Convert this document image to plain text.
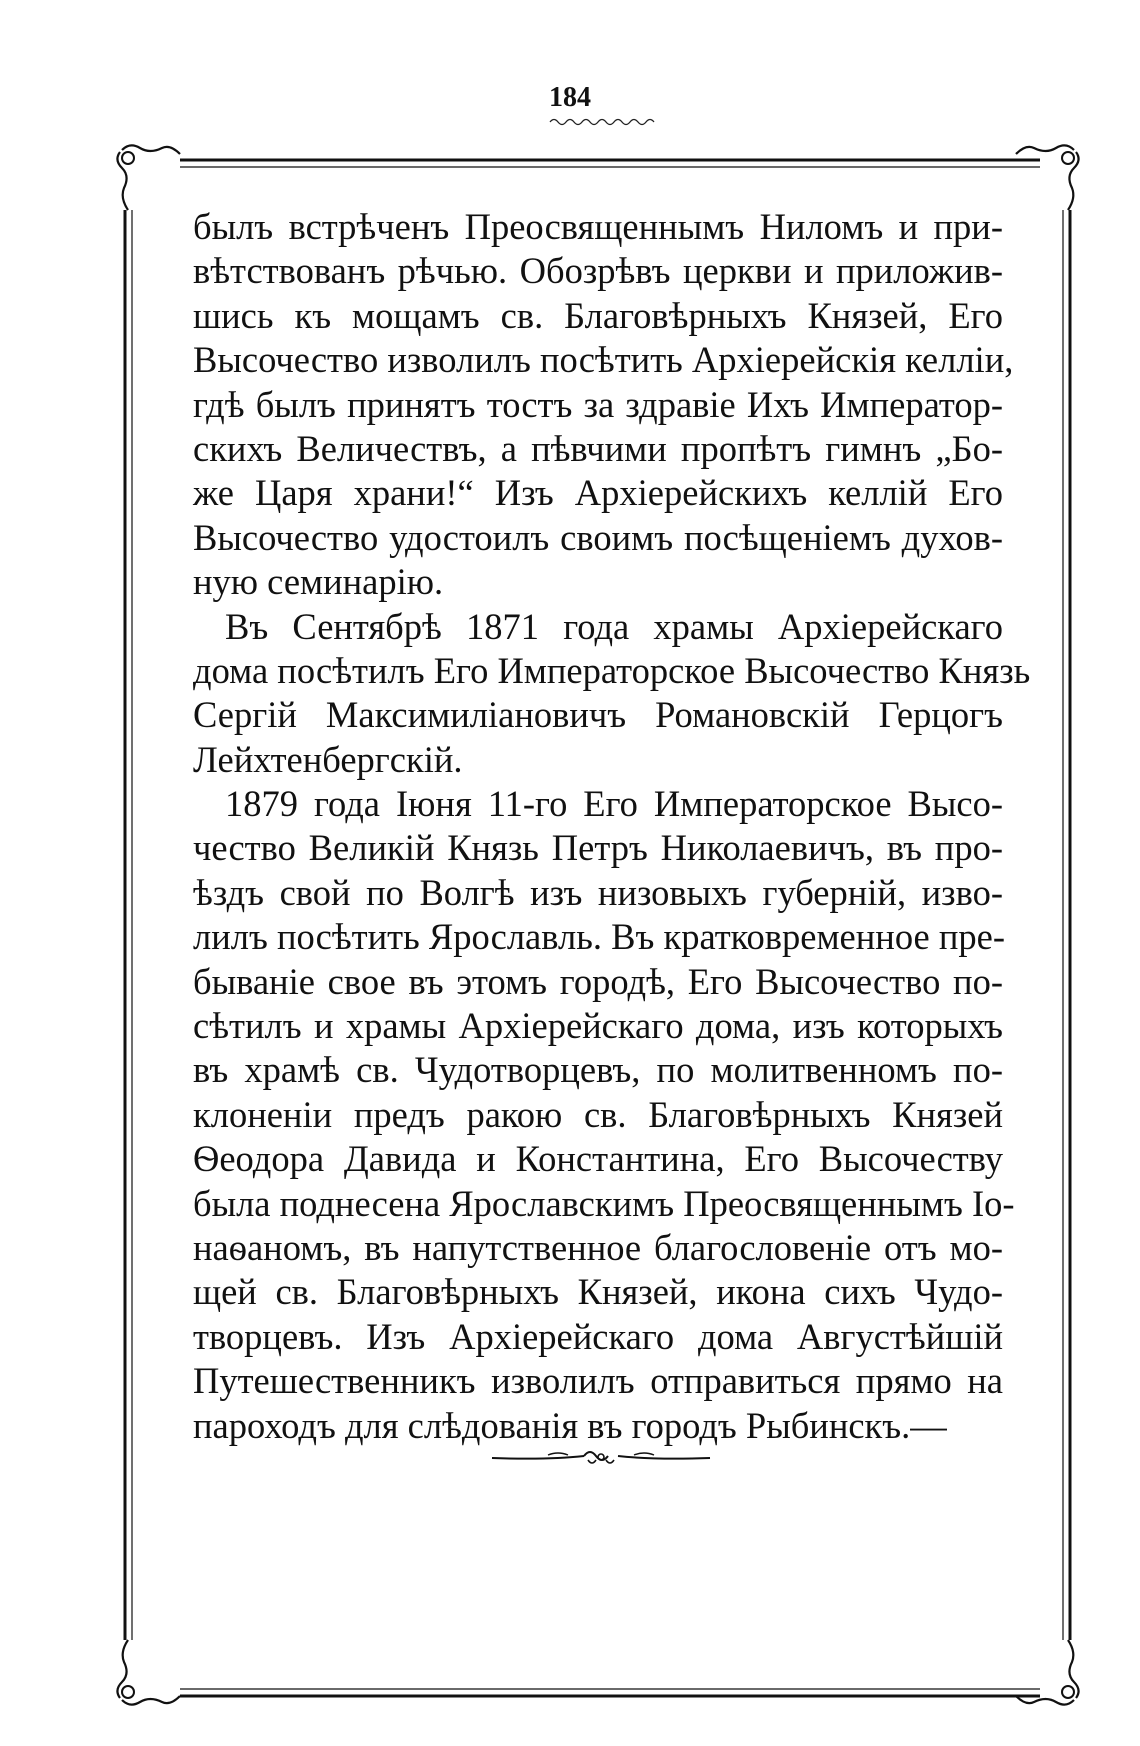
184
былъ встрѣченъ Преосвященнымъ Ниломъ и при-
вѣтствованъ рѣчью. Обозрѣвъ церкви и приложив-
шись къ мощамъ св. Благовѣрныхъ Князей, Его
Высочество изволилъ посѣтить Архіерейскія келліи,
гдѣ былъ принятъ тостъ за здравіе Ихъ Император-
скихъ Величествъ, а пѣвчими пропѣтъ гимнъ „Бо-
же Царя храни!“ Изъ Архіерейскихъ келлій Его
Высочество удостоилъ своимъ посѣщеніемъ духов-
ную семинарію.
Въ Сентябрѣ 1871 года храмы Архіерейскаго
дома посѣтилъ Его Императорское Высочество Князь
Сергій Максимиліановичъ Романовскій Герцогъ
Лейхтенбергскій.
1879 года Іюня 11-го Его Императорское Высо-
чество Великій Князь Петръ Николаевичъ, въ про-
ѣздъ свой по Волгѣ изъ низовыхъ губерній, изво-
лилъ посѣтить Ярославль. Въ кратковременное пре-
бываніе свое въ этомъ городѣ, Его Высочество по-
сѣтилъ и храмы Архіерейскаго дома, изъ которыхъ
въ храмѣ св. Чудотворцевъ, по молитвенномъ по-
клоненіи предъ ракою св. Благовѣрныхъ Князей
Ѳеодора Давида и Константина, Его Высочеству
была поднесена Ярославскимъ Преосвященнымъ Іо-
наѳаномъ, въ напутственное благословеніе отъ мо-
щей св. Благовѣрныхъ Князей, икона сихъ Чудо-
творцевъ. Изъ Архіерейскаго дома Августѣйшій
Путешественникъ изволилъ отправиться прямо на
пароходъ для слѣдованія въ городъ Рыбинскъ.—
